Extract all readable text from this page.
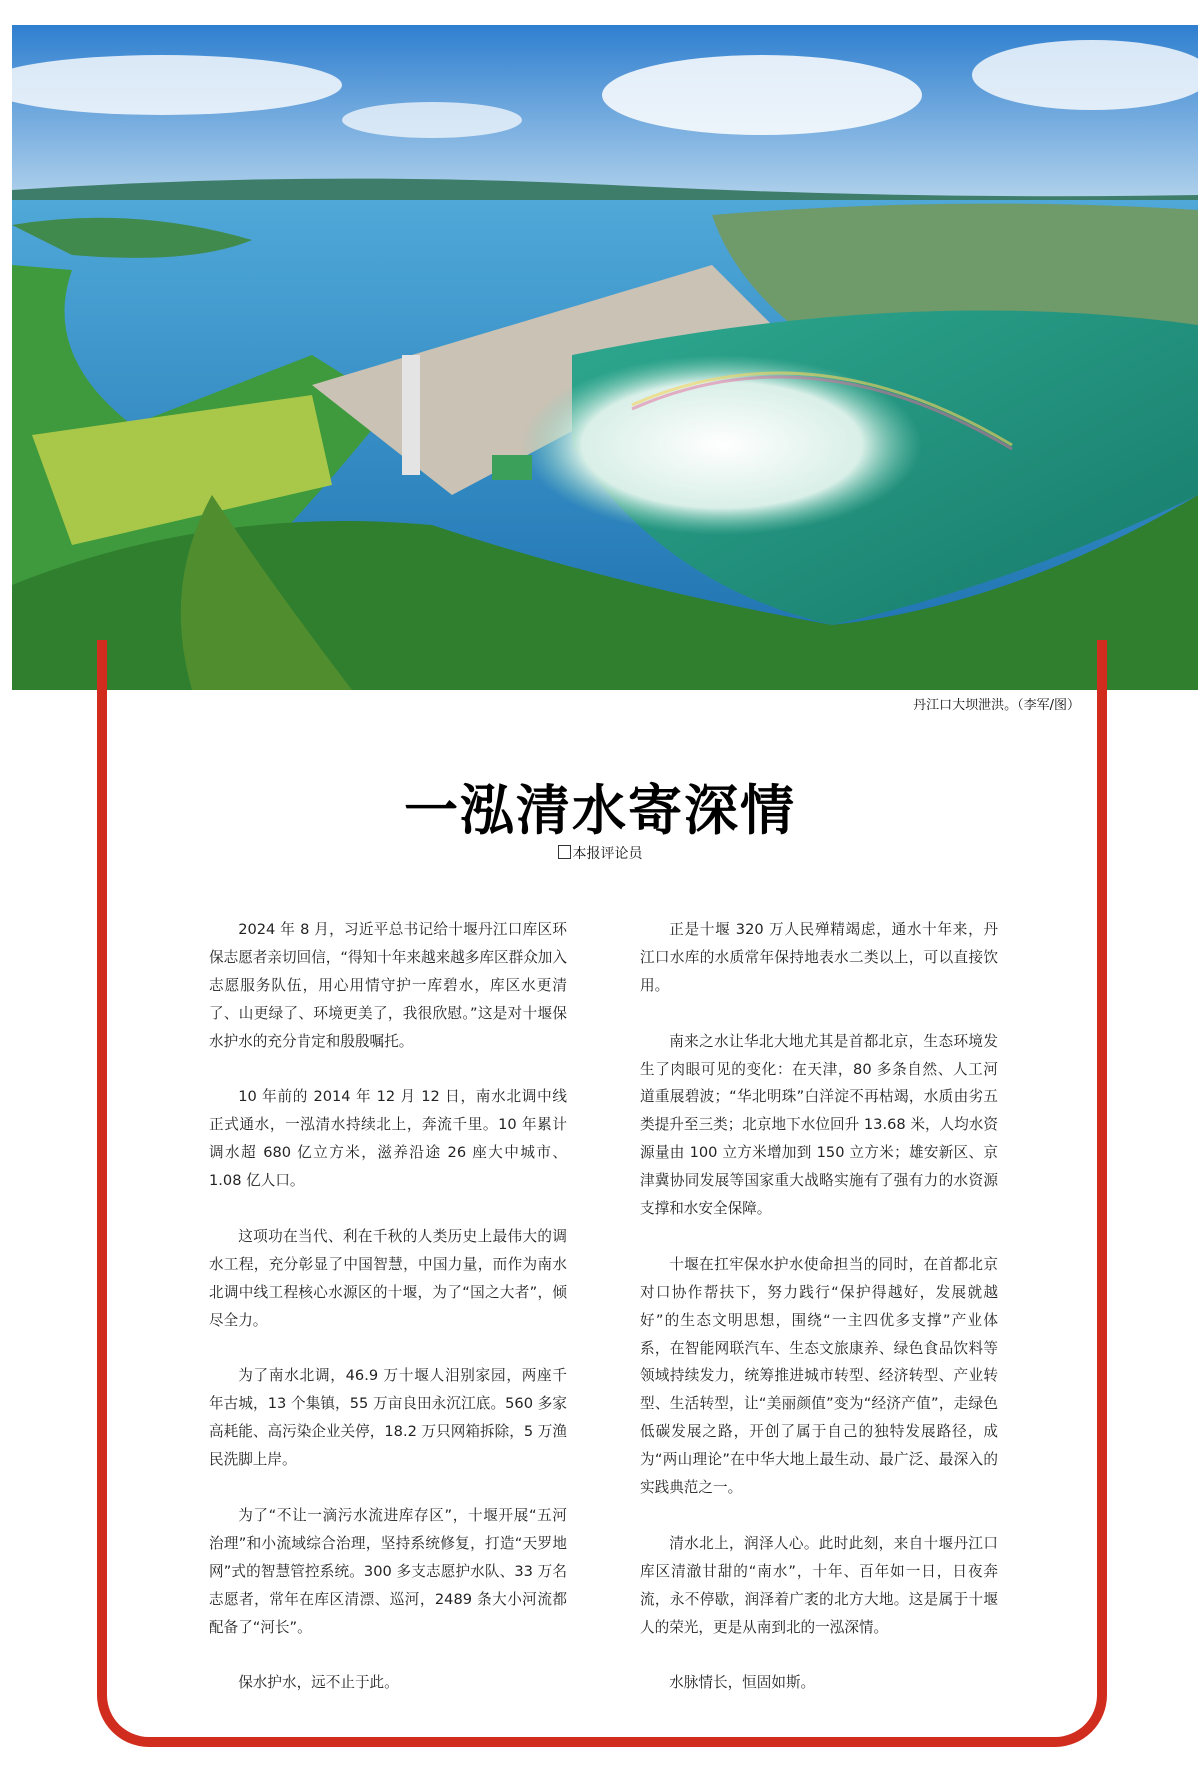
丹江口大坝泄洪。（李军/图）
一泓清水寄深情
本报评论员

2024 年 8 月，习近平总书记给十堰丹江口库区环保志愿者亲切回信，“得知十年来越来越多库区群众加入志愿服务队伍，用心用情守护一库碧水，库区水更清了、山更绿了、环境更美了，我很欣慰。”这是对十堰保水护水的充分肯定和殷殷嘱托。

10 年前的 2014 年 12 月 12 日，南水北调中线正式通水，一泓清水持续北上，奔流千里。10 年累计调水超 680 亿立方米，滋养沿途 26 座大中城市、1.08 亿人口。

这项功在当代、利在千秋的人类历史上最伟大的调水工程，充分彰显了中国智慧，中国力量，而作为南水北调中线工程核心水源区的十堰，为了“国之大者”，倾尽全力。

为了南水北调，46.9 万十堰人泪别家园，两座千年古城，13 个集镇，55 万亩良田永沉江底。560 多家高耗能、高污染企业关停，18.2 万只网箱拆除，5 万渔民洗脚上岸。

为了“不让一滴污水流进库存区”，十堰开展“五河治理”和小流域综合治理，坚持系统修复，打造“天罗地网”式的智慧管控系统。300 多支志愿护水队、33 万名志愿者，常年在库区清漂、巡河，2489 条大小河流都配备了“河长”。

保水护水，远不止于此。

正是十堰 320 万人民殚精竭虑，通水十年来，丹江口水库的水质常年保持地表水二类以上，可以直接饮用。

南来之水让华北大地尤其是首都北京，生态环境发生了肉眼可见的变化：在天津，80 多条自然、人工河道重展碧波；“华北明珠”白洋淀不再枯竭，水质由劣五类提升至三类；北京地下水位回升 13.68 米，人均水资源量由 100 立方米增加到 150 立方米；雄安新区、京津冀协同发展等国家重大战略实施有了强有力的水资源支撑和水安全保障。

十堰在扛牢保水护水使命担当的同时，在首都北京对口协作帮扶下，努力践行“保护得越好，发展就越好”的生态文明思想，围绕“一主四优多支撑”产业体系，在智能网联汽车、生态文旅康养、绿色食品饮料等领域持续发力，统筹推进城市转型、经济转型、产业转型、生活转型，让“美丽颜值”变为“经济产值”，走绿色低碳发展之路，开创了属于自己的独特发展路径，成为“两山理论”在中华大地上最生动、最广泛、最深入的实践典范之一。

清水北上，润泽人心。此时此刻，来自十堰丹江口库区清澈甘甜的“南水”，十年、百年如一日，日夜奔流，永不停歇，润泽着广袤的北方大地。这是属于十堰人的荣光，更是从南到北的一泓深情。

水脉情长，恒固如斯。
